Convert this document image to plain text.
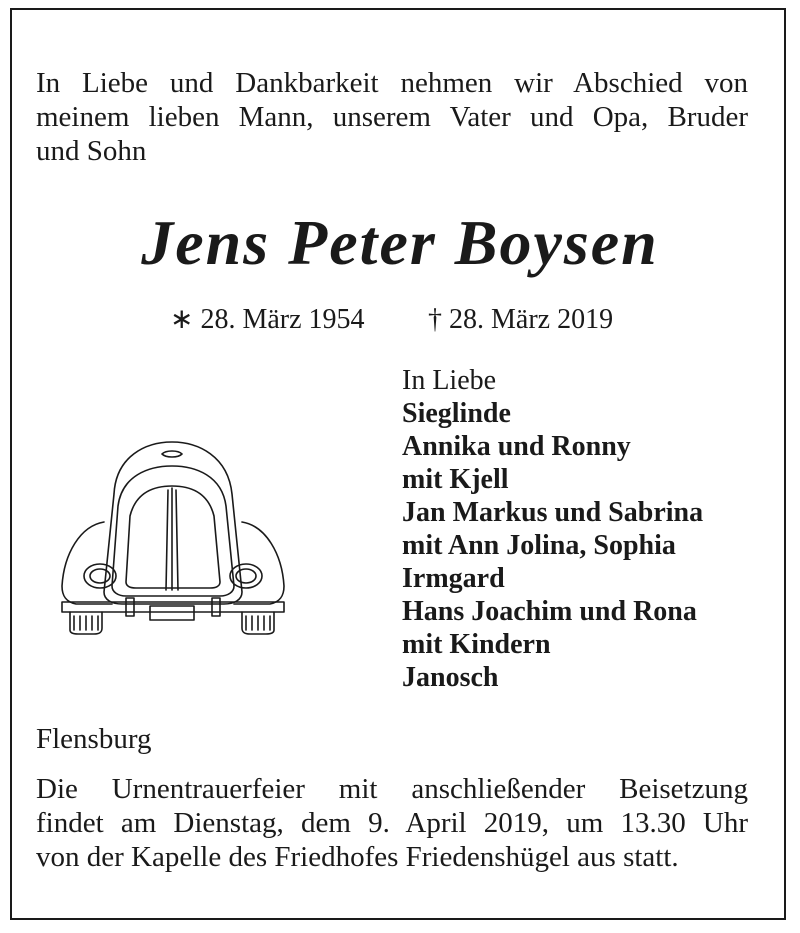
In Liebe und Dankbarkeit nehmen wir Abschied von
meinem lieben Mann, unserem Vater und Opa, Bruder
und Sohn
Jens Peter Boysen
∗ 28. März 1954 † 28. März 2019
In Liebe
Sieglinde
Annika und Ronny
mit Kjell
Jan Markus und Sabrina
mit Ann Jolina, Sophia
Irmgard
Hans Joachim und Rona
mit Kindern
Janosch
Flensburg
Die Urnentrauerfeier mit anschließender Beisetzung
findet am Dienstag, dem 9. April 2019, um 13.30 Uhr
von der Kapelle des Friedhofes Friedenshügel aus statt.
